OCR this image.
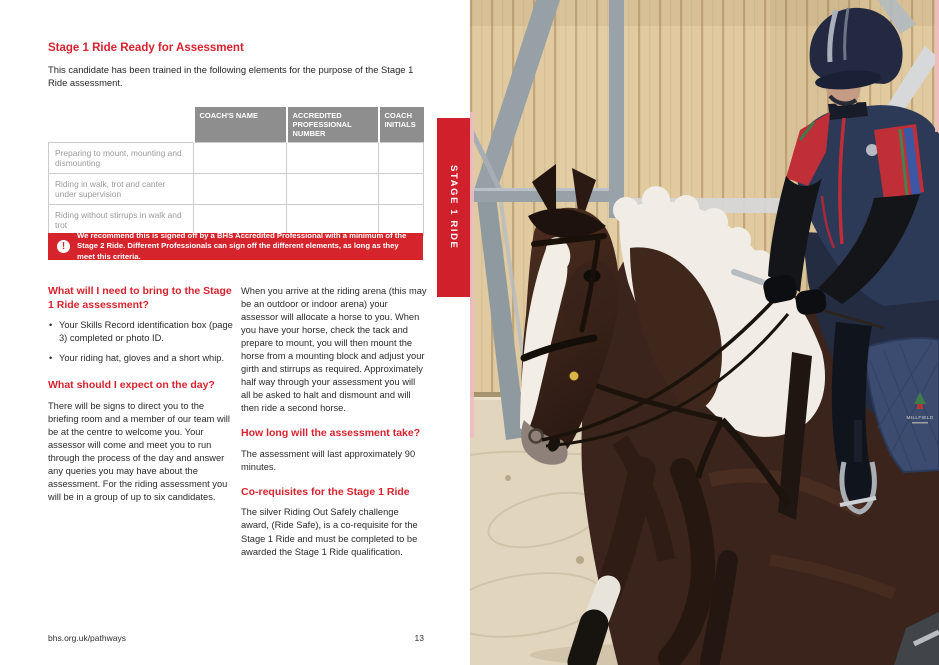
Stage 1 Ride Ready for Assessment

This candidate has been trained in the following elements for the purpose of the Stage 1 Ride assessment.

	COACH'S NAME	ACCREDITED PROFESSIONAL NUMBER	COACH INITIALS
Preparing to mount, mounting and dismounting			
Riding in walk, trot and canter under supervision			
Riding without stirrups in walk and trot			
!

We recommend this is signed off by a BHS Accredited Professional with a minimum of the Stage 2 Ride. Different Professionals can sign off the different elements, as long as they meet this criteria.

What will I need to bring to the Stage 1 Ride assessment?
• Your Skills Record identification box (page 3) completed or photo ID.
• Your riding hat, gloves and a short whip.
What should I expect on the day?

There will be signs to direct you to the briefing room and a member of our team will be at the centre to welcome you. Your assessor will come and meet you to run through the process of the day and answer any queries you may have about the assessment. For the riding assessment you will be in a group of up to six candidates.

When you arrive at the riding arena (this may be an outdoor or indoor arena) your assessor will allocate a horse to you. When you have your horse, check the tack and prepare to mount, you will then mount the horse from a mounting block and adjust your girth and stirrups as required. Approximately half way through your assessment you will all be asked to halt and dismount and will then ride a second horse.

How long will the assessment take?

The assessment will last approximately 90 minutes.

Co-requisites for the Stage 1 Ride

The silver Riding Out Safely challenge award, (Ride Safe), is a co-requisite for the Stage 1 Ride and must be completed to be awarded the Stage 1 Ride qualification.

bhs.org.uk/pathways	13
STAGE 1 RIDE
MILLFIELD
